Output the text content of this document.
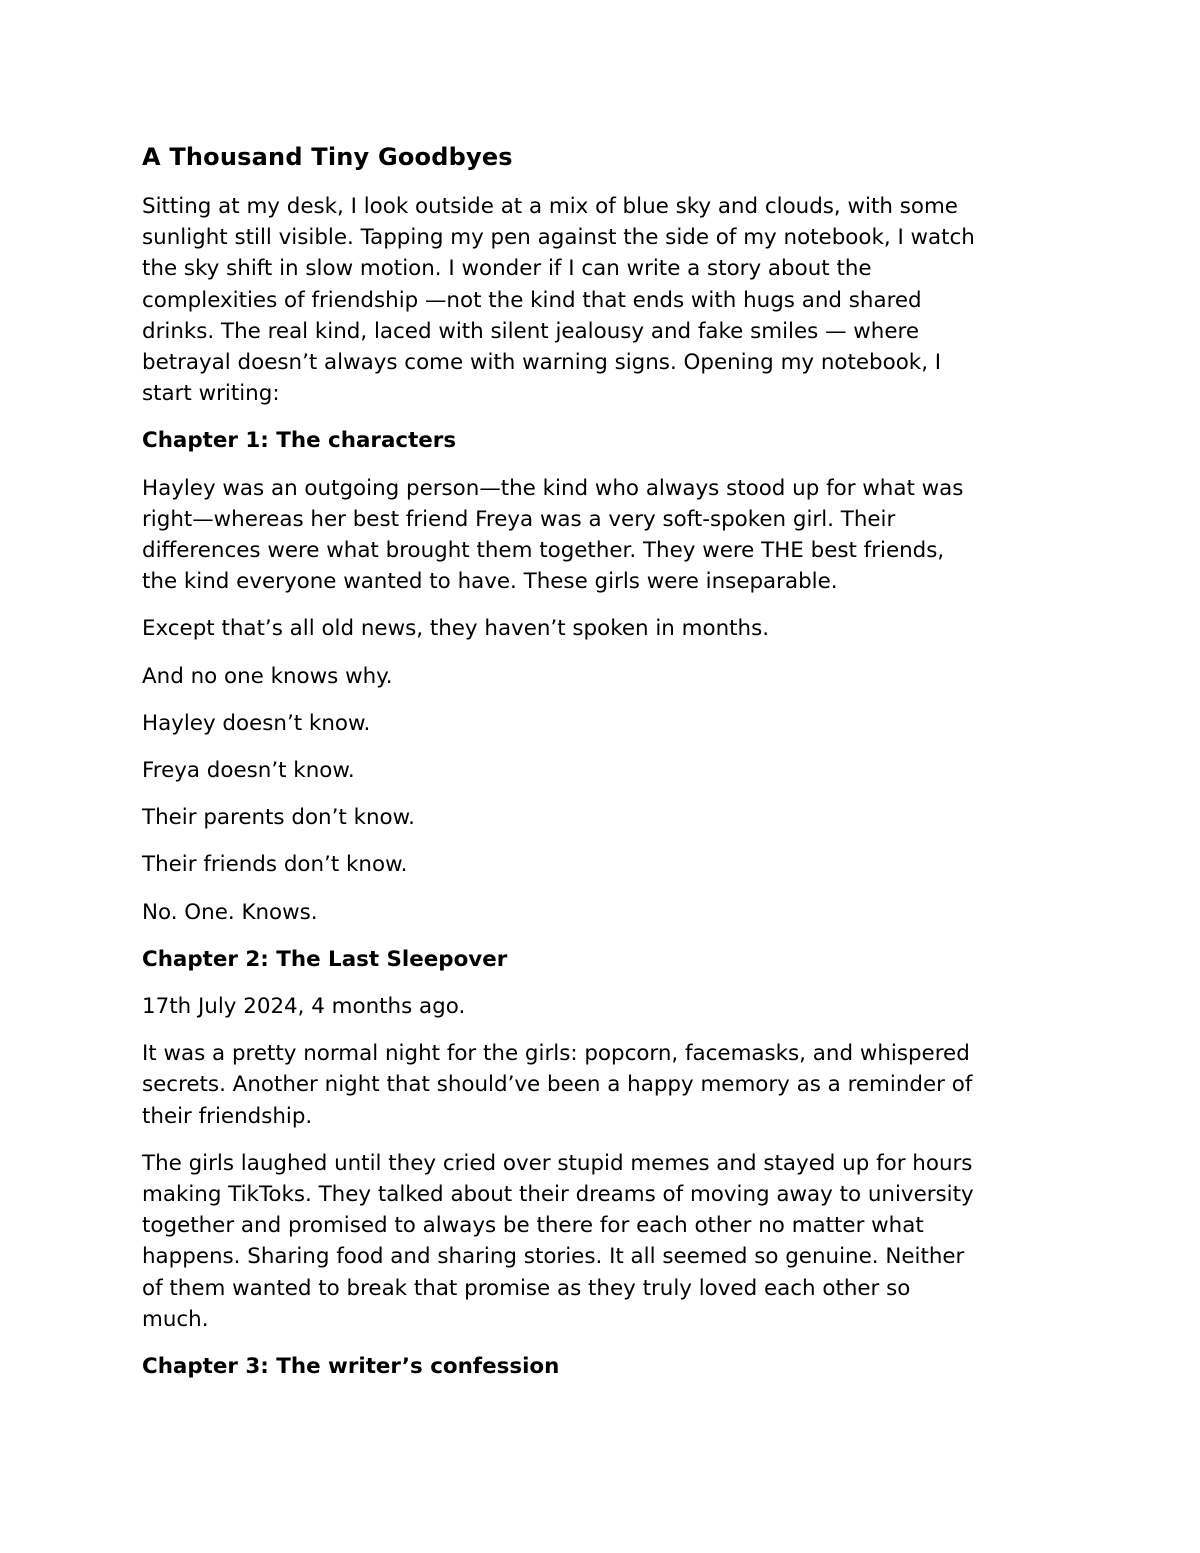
A Thousand Tiny Goodbyes
Sitting at my desk, I look outside at a mix of blue sky and clouds, with some
sunlight still visible. Tapping my pen against the side of my notebook, I watch
the sky shift in slow motion. I wonder if I can write a story about the
complexities of friendship —not the kind that ends with hugs and shared
drinks. The real kind, laced with silent jealousy and fake smiles — where
betrayal doesn’t always come with warning signs. Opening my notebook, I
start writing:
Chapter 1: The characters
Hayley was an outgoing person—the kind who always stood up for what was
right—whereas her best friend Freya was a very soft-spoken girl. Their
differences were what brought them together. They were THE best friends,
the kind everyone wanted to have. These girls were inseparable.
Except that’s all old news, they haven’t spoken in months.
And no one knows why.
Hayley doesn’t know.
Freya doesn’t know.
Their parents don’t know.
Their friends don’t know.
No. One. Knows.
Chapter 2: The Last Sleepover
17th July 2024, 4 months ago.
It was a pretty normal night for the girls: popcorn, facemasks, and whispered
secrets. Another night that should’ve been a happy memory as a reminder of
their friendship.
The girls laughed until they cried over stupid memes and stayed up for hours
making TikToks. They talked about their dreams of moving away to university
together and promised to always be there for each other no matter what
happens. Sharing food and sharing stories. It all seemed so genuine. Neither
of them wanted to break that promise as they truly loved each other so
much.
Chapter 3: The writer’s confession
